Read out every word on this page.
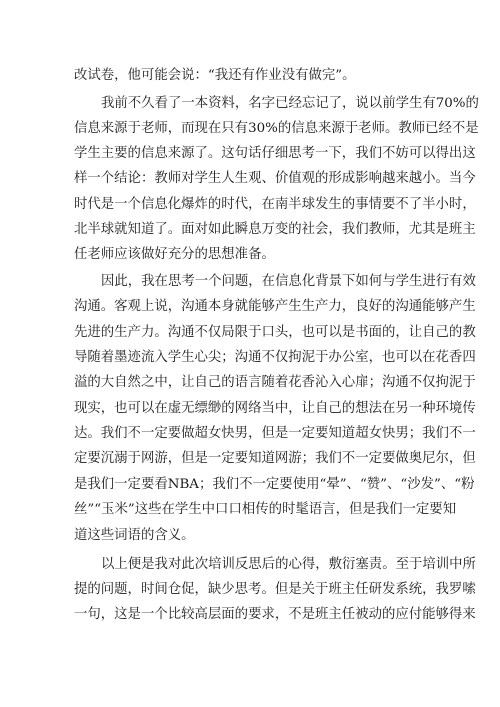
改试卷，他可能会说：“我还有作业没有做完”。

我前不久看了一本资料，名字已经忘记了，说以前学生有70%的

信息来源于老师，而现在只有30%的信息来源于老师。教师已经不是

学生主要的信息来源了。这句话仔细思考一下，我们不妨可以得出这

样一个结论：教师对学生人生观、价值观的形成影响越来越小。当今

时代是一个信息化爆炸的时代，在南半球发生的事情要不了半小时，

北半球就知道了。面对如此瞬息万变的社会，我们教师，尤其是班主

任老师应该做好充分的思想准备。

因此，我在思考一个问题，在信息化背景下如何与学生进行有效

沟通。客观上说，沟通本身就能够产生生产力，良好的沟通能够产生

先进的生产力。沟通不仅局限于口头，也可以是书面的，让自己的教

导随着墨迹流入学生心尖；沟通不仅拘泥于办公室，也可以在花香四

溢的大自然之中，让自己的语言随着花香沁入心扉；沟通不仅拘泥于

现实，也可以在虚无缥缈的网络当中，让自己的想法在另一种环境传

达。我们不一定要做超女快男，但是一定要知道超女快男；我们不一

定要沉溺于网游，但是一定要知道网游；我们不一定要做奥尼尔，但

是我们一定要看NBA；我们不一定要使用“晕”、“赞”、“沙发”、“粉

丝”“玉米”这些在学生中口口相传的时髦语言，但是我们一定要知

道这些词语的含义。

以上便是我对此次培训反思后的心得，敷衍塞责。至于培训中所

提的问题，时间仓促，缺少思考。但是关于班主任研发系统，我罗嗦

一句，这是一个比较高层面的要求，不是班主任被动的应付能够得来
